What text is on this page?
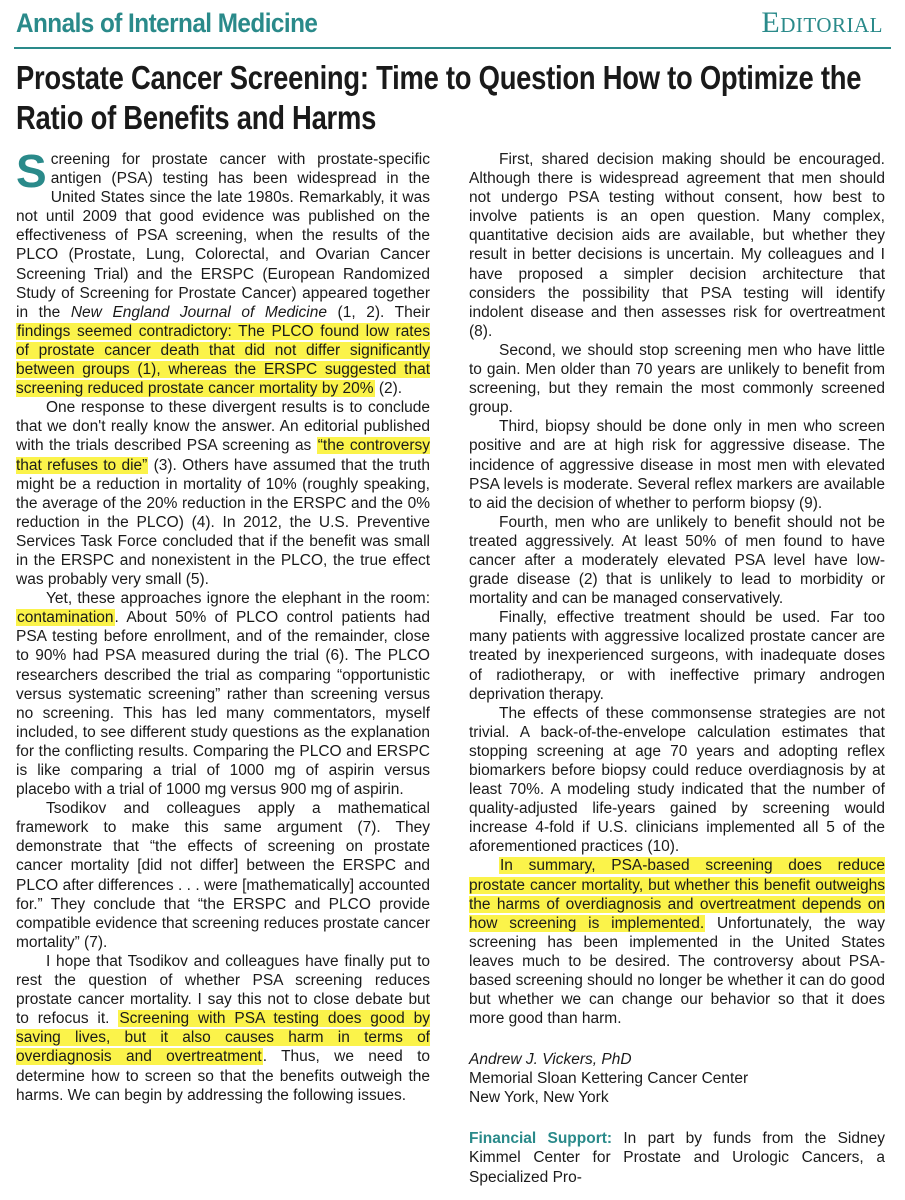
Annals of Internal Medicine	Editorial
Prostate Cancer Screening: Time to Question How to Optimize the
Ratio of Benefits and Harms

Screening for prostate cancer with prostate-specific antigen (PSA) testing has been widespread in the United States since the late 1980s. Remarkably, it was not until 2009 that good evidence was published on the effectiveness of PSA screening, when the results of the PLCO (Prostate, Lung, Colorectal, and Ovarian Cancer Screening Trial) and the ERSPC (European Randomized Study of Screening for Prostate Cancer) appeared together in the New England Journal of Medicine (1, 2). Their findings seemed contradictory: The PLCO found low rates of prostate cancer death that did not differ significantly between groups (1), whereas the ERSPC suggested that screening reduced prostate cancer mortality by 20% (2).

One response to these divergent results is to conclude that we don't really know the answer. An editorial published with the trials described PSA screening as “the controversy that refuses to die” (3). Others have assumed that the truth might be a reduction in mortality of 10% (roughly speaking, the average of the 20% reduction in the ERSPC and the 0% reduction in the PLCO) (4). In 2012, the U.S. Preventive Services Task Force concluded that if the benefit was small in the ERSPC and nonexistent in the PLCO, the true effect was probably very small (5).

Yet, these approaches ignore the elephant in the room: contamination. About 50% of PLCO control patients had PSA testing before enrollment, and of the remainder, close to 90% had PSA measured during the trial (6). The PLCO researchers described the trial as comparing “opportunistic versus systematic screening” rather than screening versus no screening. This has led many commentators, myself included, to see different study questions as the explanation for the conflicting results. Comparing the PLCO and ERSPC is like comparing a trial of 1000 mg of aspirin versus placebo with a trial of 1000 mg versus 900 mg of aspirin.

Tsodikov and colleagues apply a mathematical framework to make this same argument (7). They demonstrate that “the effects of screening on prostate cancer mortality [did not differ] between the ERSPC and PLCO after differences . . . were [mathematically] accounted for.” They conclude that “the ERSPC and PLCO provide compatible evidence that screening reduces prostate cancer mortality” (7).

I hope that Tsodikov and colleagues have finally put to rest the question of whether PSA screening reduces prostate cancer mortality. I say this not to close debate but to refocus it. Screening with PSA testing does good by saving lives, but it also causes harm in terms of overdiagnosis and overtreatment. Thus, we need to determine how to screen so that the benefits outweigh the harms. We can begin by addressing the following issues.

First, shared decision making should be encouraged. Although there is widespread agreement that men should not undergo PSA testing without consent, how best to involve patients is an open question. Many complex, quantitative decision aids are available, but whether they result in better decisions is uncertain. My colleagues and I have proposed a simpler decision architecture that considers the possibility that PSA testing will identify indolent disease and then assesses risk for overtreatment (8).

Second, we should stop screening men who have little to gain. Men older than 70 years are unlikely to benefit from screening, but they remain the most commonly screened group.

Third, biopsy should be done only in men who screen positive and are at high risk for aggressive disease. The incidence of aggressive disease in most men with elevated PSA levels is moderate. Several reflex markers are available to aid the decision of whether to perform biopsy (9).

Fourth, men who are unlikely to benefit should not be treated aggressively. At least 50% of men found to have cancer after a moderately elevated PSA level have low-grade disease (2) that is unlikely to lead to morbidity or mortality and can be managed conservatively.

Finally, effective treatment should be used. Far too many patients with aggressive localized prostate cancer are treated by inexperienced surgeons, with inadequate doses of radiotherapy, or with ineffective primary androgen deprivation therapy.

The effects of these commonsense strategies are not trivial. A back-of-the-envelope calculation estimates that stopping screening at age 70 years and adopting reflex biomarkers before biopsy could reduce overdiagnosis by at least 70%. A modeling study indicated that the number of quality-adjusted life-years gained by screening would increase 4-fold if U.S. clinicians implemented all 5 of the aforementioned practices (10).

In summary, PSA-based screening does reduce prostate cancer mortality, but whether this benefit outweighs the harms of overdiagnosis and overtreatment depends on how screening is implemented. Unfortunately, the way screening has been implemented in the United States leaves much to be desired. The controversy about PSA-based screening should no longer be whether it can do good but whether we can change our behavior so that it does more good than harm.

Andrew J. Vickers, PhD
Memorial Sloan Kettering Cancer Center
New York, New York
Financial Support: In part by funds from the Sidney Kimmel Center for Prostate and Urologic Cancers, a Specialized Pro-
